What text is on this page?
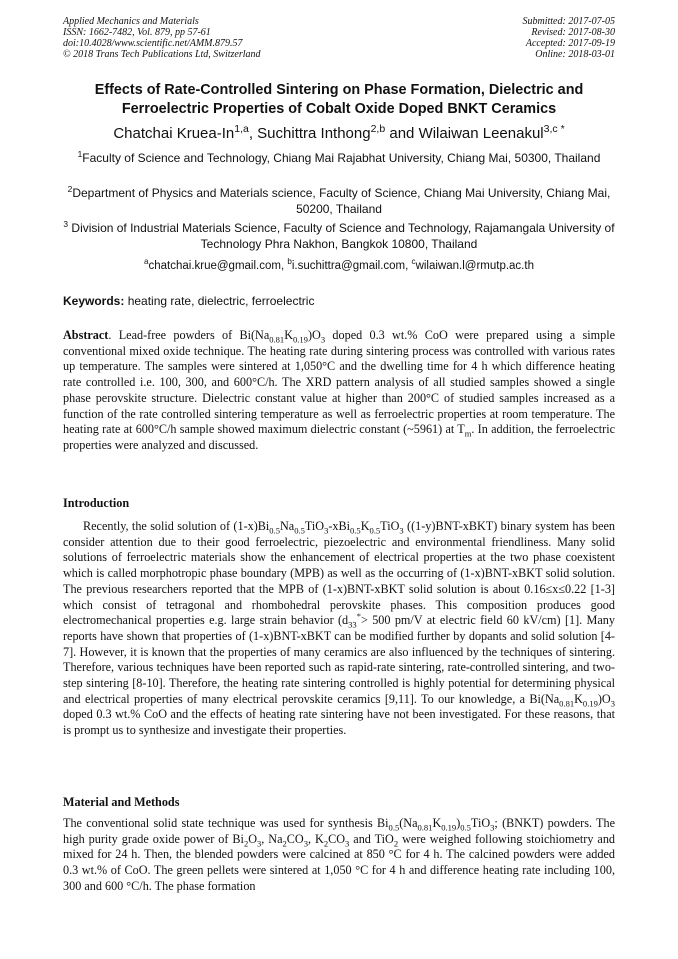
Applied Mechanics and Materials
ISSN: 1662-7482, Vol. 879, pp 57-61
doi:10.4028/www.scientific.net/AMM.879.57
© 2018 Trans Tech Publications Ltd, Switzerland
Submitted: 2017-07-05
Revised: 2017-08-30
Accepted: 2017-09-19
Online: 2018-03-01
Effects of Rate-Controlled Sintering on Phase Formation, Dielectric and
Ferroelectric Properties of Cobalt Oxide Doped BNKT Ceramics
Chatchai Kruea-In$^{1,a}$, Suchittra Inthong$^{2,b}$ and Wilaiwan Leenakul$^{3,c *}$
$^1$Faculty of Science and Technology, Chiang Mai Rajabhat University, Chiang Mai, 50300, Thailand
$^2$Department of Physics and Materials science, Faculty of Science, Chiang Mai University, Chiang Mai, 50200, Thailand
$^3$ Division of Industrial Materials Science, Faculty of Science and Technology, Rajamangala University of Technology Phra Nakhon, Bangkok 10800, Thailand
$^a$chatchai.krue@gmail.com, $^b$i.suchittra@gmail.com, $^c$wilaiwan.l@rmutp.ac.th
Keywords: heating rate, dielectric, ferroelectric
Abstract. Lead-free powders of $Bi(Na_{0.81}K_{0.19})O_3$ doped 0.3 wt.% CoO were prepared using a simple conventional mixed oxide technique. The heating rate during sintering process was controlled with various rates up temperature. The samples were sintered at 1,050°C and the dwelling time for 4 h which difference heating rate controlled i.e. 100, 300, and 600°C/h. The XRD pattern analysis of all studied samples showed a single phase perovskite structure. Dielectric constant value at higher than 200°C of studied samples increased as a function of the rate controlled sintering temperature as well as ferroelectric properties at room temperature. The heating rate at 600°C/h sample showed maximum dielectric constant (~5961) at $T_m$. In addition, the ferroelectric properties were analyzed and discussed.
Introduction
Recently, the solid solution of $(1-x)Bi_{0.5}Na_{0.5}TiO_3-xBi_{0.5}K_{0.5}TiO_3$ ((1-y)BNT-xBKT) binary system has been consider attention due to their good ferroelectric, piezoelectric and environmental friendliness. Many solid solutions of ferroelectric materials show the enhancement of electrical properties at the two phase coexistent which is called morphotropic phase boundary (MPB) as well as the occurring of (1-x)BNT-xBKT solid solution. The previous researchers reported that the MPB of (1-x)BNT-xBKT solid solution is about 0.16≤x≤0.22 [1-3] which consist of tetragonal and rhombohedral perovskite phases. This composition produces good electromechanical properties e.g. large strain behavior ($d_{33}^*> 500$ pm/V at electric field 60 kV/cm) [1]. Many reports have shown that properties of (1-x)BNT-xBKT can be modified further by dopants and solid solution [4-7]. However, it is known that the properties of many ceramics are also influenced by the techniques of sintering. Therefore, various techniques have been reported such as rapid-rate sintering, rate-controlled sintering, and two-step sintering [8-10]. Therefore, the heating rate sintering controlled is highly potential for determining physical and electrical properties of many electrical perovskite ceramics [9,11]. To our knowledge, a $Bi(Na_{0.81}K_{0.19})O_3$ doped 0.3 wt.% CoO and the effects of heating rate sintering have not been investigated. For these reasons, that is prompt us to synthesize and investigate their properties.
Material and Methods
The conventional solid state technique was used for synthesis $Bi_{0.5}(Na_{0.81}K_{0.19})_{0.5}TiO_3$; (BNKT) powders. The high purity grade oxide power of $Bi_2O_3$, $Na_2CO_3$, $K_2CO_3$ and TiO$_2$ were weighed following stoichiometry and mixed for 24 h. Then, the blended powders were calcined at 850 °C for 4 h. The calcined powders were added 0.3 wt.% of CoO. The green pellets were sintered at 1,050 °C for 4 h and difference heating rate including 100, 300 and 600 °C/h. The phase formation
